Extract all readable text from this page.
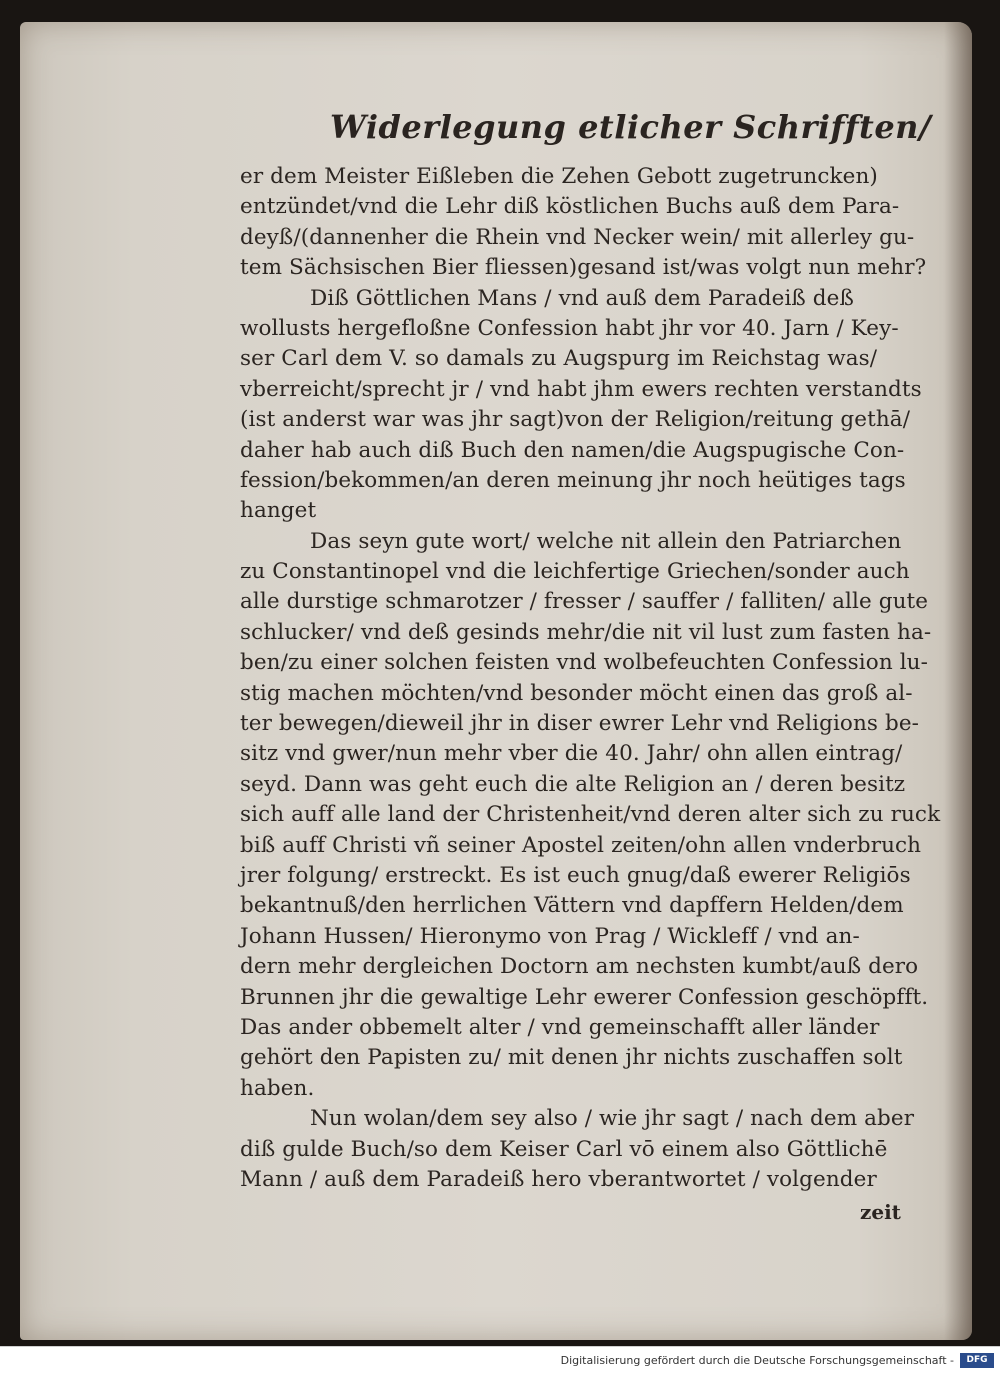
Widerlegung etlicher Schrifften/
er dem Meister Eißleben die Zehen Gebott zugetruncken)
entzündet/vnd die Lehr diß köstlichen Buchs auß dem Para-
deyß/(dannenher die Rhein vnd Necker wein/ mit allerley gu-
tem Sächsischen Bier fliessen)gesand ist/was volgt nun mehr?
Diß Göttlichen Mans / vnd auß dem Paradeiß deß
wollusts hergefloßne Confession habt jhr vor 40. Jarn / Key-
ser Carl dem V. so damals zu Augspurg im Reichstag was/
vberreicht/sprecht jr / vnd habt jhm ewers rechten verstandts
(ist anderst war was jhr sagt)von der Religion/reitung gethā/
daher hab auch diß Buch den namen/die Augspugische Con-
fession/bekommen/an deren meinung jhr noch heütiges tags
hanget
Das seyn gute wort/ welche nit allein den Patriarchen
zu Constantinopel vnd die leichfertige Griechen/sonder auch
alle durstige schmarotzer / fresser / sauffer / falliten/ alle gute
schlucker/ vnd deß gesinds mehr/die nit vil lust zum fasten ha-
ben/zu einer solchen feisten vnd wolbefeuchten Confession lu-
stig machen möchten/vnd besonder möcht einen das groß al-
ter bewegen/dieweil jhr in diser ewrer Lehr vnd Religions be-
sitz vnd gwer/nun mehr vber die 40. Jahr/ ohn allen eintrag/
seyd. Dann was geht euch die alte Religion an / deren besitz
sich auff alle land der Christenheit/vnd deren alter sich zu ruck
biß auff Christi vñ seiner Apostel zeiten/ohn allen vnderbruch
jrer folgung/ erstreckt. Es ist euch gnug/daß ewerer Religiōs
bekantnuß/den herrlichen Vättern vnd dapffern Helden/dem
Johann Hussen/ Hieronymo von Prag / Wickleff / vnd an-
dern mehr dergleichen Doctorn am nechsten kumbt/auß dero
Brunnen jhr die gewaltige Lehr ewerer Confession geschöpfft.
Das ander obbemelt alter / vnd gemeinschafft aller länder
gehört den Papisten zu/ mit denen jhr nichts zuschaffen solt
haben.
Nun wolan/dem sey also / wie jhr sagt / nach dem aber
diß gulde Buch/so dem Keiser Carl vō einem also Göttlichē
Mann / auß dem Paradeiß hero vberantwortet / volgender
zeit
Digitalisierung gefördert durch die Deutsche Forschungsgemeinschaft -	DFG
